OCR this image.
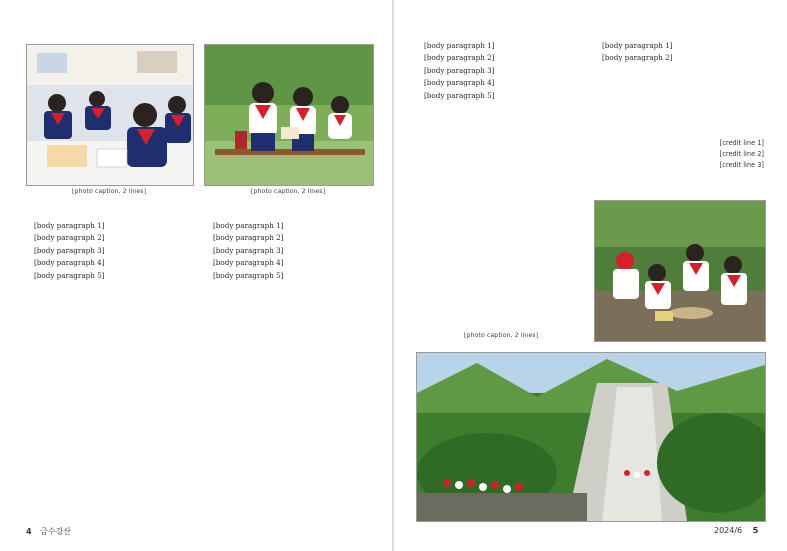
[photo caption, 2 lines]	[photo caption, 2 lines]

[body paragraph 1]

[body paragraph 2]

[body paragraph 3]

[body paragraph 4]

[body paragraph 5]

[body paragraph 1]

[body paragraph 2]

[body paragraph 3]

[body paragraph 4]

[body paragraph 5]

4 금수강산

[body paragraph 1]

[body paragraph 2]

[body paragraph 3]

[body paragraph 4]

[body paragraph 5]

[body paragraph 1]

[body paragraph 2]

[credit line 1]
[credit line 2]
[credit line 3]
[photo caption, 2 lines]
2024/6 5
